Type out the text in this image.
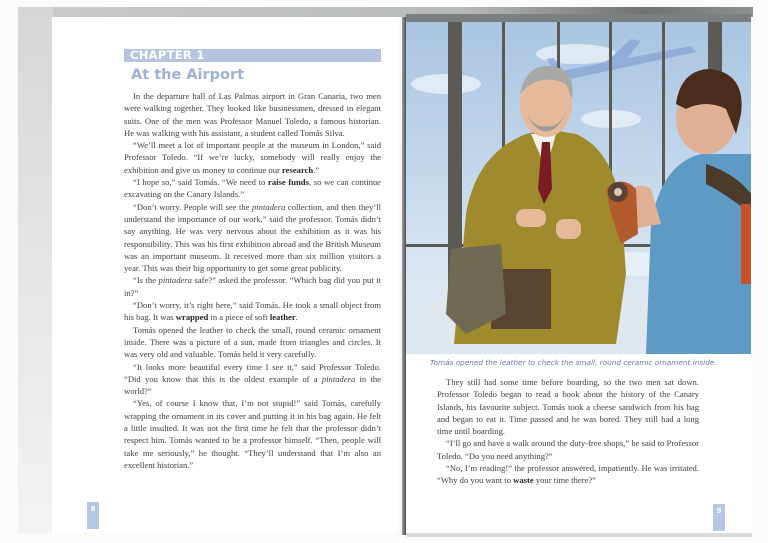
CHAPTER 1
At the Airport

In the departure hall of Las Palmas airport in Gran Canaria, two men were walking together. They looked like businessmen, dressed in elegant suits. One of the men was Professor Manuel Toledo, a famous historian. He was walking with his assistant, a student called Tomás Silva.

“We’ll meet a lot of important people at the museum in London,” said Professor Toledo. “If we’re lucky, somebody will really enjoy the exhibition and give us money to continue our research.”

“I hope so,” said Tomás. “We need to raise funds, so we can continue excavating on the Canary Islands.”

“Don’t worry. People will see the pintadera collection, and then they’ll understand the importance of our work,” said the professor. Tomás didn’t say anything. He was very nervous about the exhibition as it was his responsibility. This was his first exhibition abroad and the British Museum was an important museum. It received more than six million visitors a year. This was their big opportunity to get some great publicity.

“Is the pintadera safe?” asked the professor. “Which bag did you put it in?”

“Don’t worry, it’s right here,” said Tomás. He took a small object from his bag. It was wrapped in a piece of soft leather.

Tomás opened the leather to check the small, round ceramic ornament inside. There was a picture of a sun, made from triangles and circles. It was very old and valuable. Tomás held it very carefully.

“It looks more beautiful every time I see it,” said Professor Toledo. “Did you know that this is the oldest example of a pintadera in the world?”

“Yes, of course I know that, I’m not stupid!” said Tomás, carefully wrapping the ornament in its cover and putting it in his bag again. He felt a little insulted. It was not the first time he felt that the professor didn’t respect him. Tomás wanted to be a professor himself. “Then, people will take me seriously,” he thought. “They’ll understand that I’m also an excellent historian.”

8
Tomás opened the leather to check the small, round ceramic ornament inside.

They still had some time before boarding, so the two men sat down. Professor Toledo began to read a book about the history of the Canary Islands, his favourite subject. Tomás took a cheese sandwich from his bag and began to eat it. Time passed and he was bored. They still had a long time until boarding.

“I’ll go and have a walk around the duty-free shops,” he said to Professor Toledo. “Do you need anything?”

“No, I’m reading!” the professor answered, impatiently. He was irritated. “Why do you want to waste your time there?”

9
